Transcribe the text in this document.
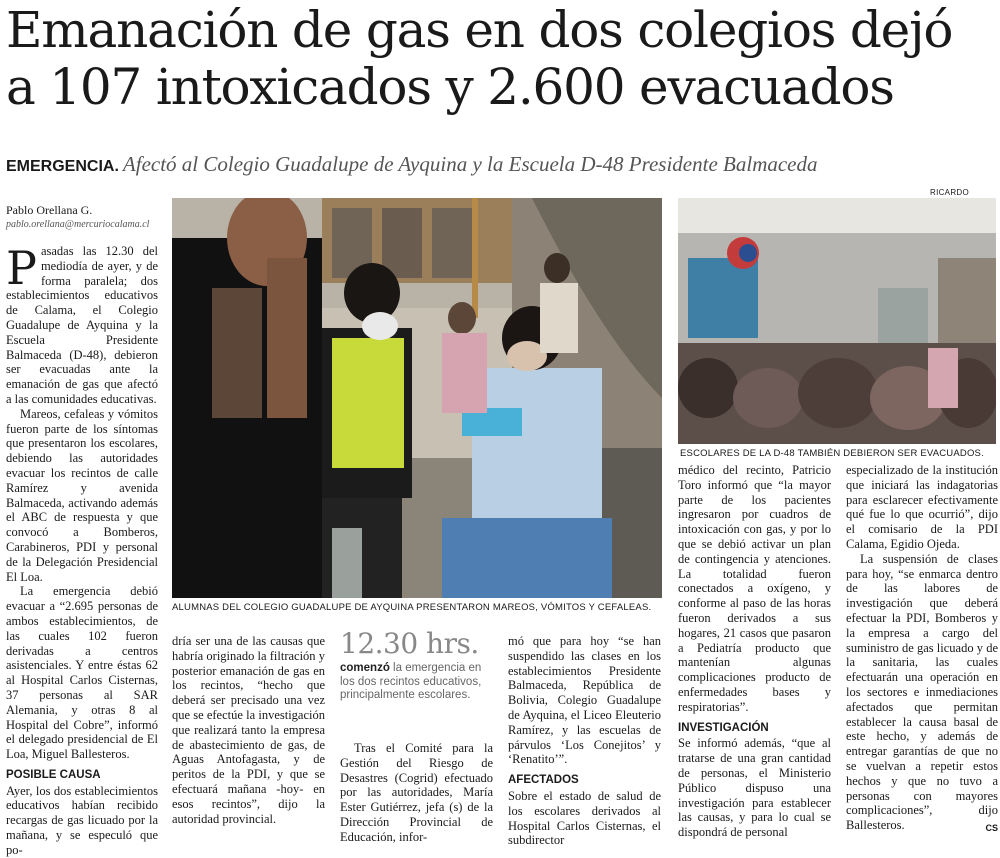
Emanación de gas en dos colegios dejó
a 107 intoxicados y 2.600 evacuados
EMERGENCIA. Afectó al Colegio Guadalupe de Ayquina y la Escuela D-48 Presidente Balmaceda
RICARDO
Pablo Orellana G.
pablo.orellana@mercuriocalama.cl
ALUMNAS DEL COLEGIO GUADALUPE DE AYQUINA PRESENTARON MAREOS, VÓMITOS Y CEFALEAS.
ESCOLARES DE LA D-48 TAMBIÉN DEBIERON SER EVACUADOS.

Pasadas las 12.30 del mediodía de ayer, y de forma paralela; dos establecimientos educativos de Calama, el Colegio Guadalupe de Ayquina y la Escuela Presidente Balmaceda (D-48), debieron ser evacuadas ante la emanación de gas que afectó a las comunidades educativas.

Mareos, cefaleas y vómitos fueron parte de los síntomas que presentaron los escolares, debiendo las autoridades evacuar los recintos de calle Ramírez y avenida Balmaceda, activando además el ABC de respuesta y que convocó a Bomberos, Carabineros, PDI y personal de la Delegación Presidencial El Loa.

La emergencia debió evacuar a “2.695 personas de ambos establecimientos, de las cuales 102 fueron derivadas a centros asistenciales. Y entre éstas 62 al Hospital Carlos Cisternas, 37 personas al SAR Alemania, y otras 8 al Hospital del Cobre”, informó el delegado presidencial de El Loa, Miguel Ballesteros.

POSIBLE CAUSA

Ayer, los dos establecimientos educativos habían recibido recargas de gas licuado por la mañana, y se especuló que po-

dría ser una de las causas que habría originado la filtración y posterior emanación de gas en los recintos, “hecho que deberá ser precisado una vez que se efectúe la investigación que realizará tanto la empresa de abastecimiento de gas, de Aguas Antofagasta, y de peritos de la PDI, y que se efectuará mañana -hoy- en esos recintos”, dijo la autoridad provincial.

12.30 hrs.
comenzó la emergencia en los dos recintos educativos, principalmente escolares.

Tras el Comité para la Gestión del Riesgo de Desastres (Cogrid) efectuado por las autoridades, María Ester Gutiérrez, jefa (s) de la Dirección Provincial de Educación, infor-

mó que para hoy “se han suspendido las clases en los establecimientos Presidente Balmaceda, República de Bolivia, Colegio Guadalupe de Ayquina, el Liceo Eleuterio Ramírez, y las escuelas de párvulos ‘Los Conejitos’ y ‘Renatito’”.

AFECTADOS

Sobre el estado de salud de los escolares derivados al Hospital Carlos Cisternas, el subdirector

médico del recinto, Patricio Toro informó que “la mayor parte de los pacientes ingresaron por cuadros de intoxicación con gas, y por lo que se debió activar un plan de contingencia y atenciones. La totalidad fueron conectados a oxígeno, y conforme al paso de las horas fueron derivados a sus hogares, 21 casos que pasaron a Pediatría producto que mantenían algunas complicaciones producto de enfermedades bases y respiratorias”.

INVESTIGACIÓN

Se informó además, “que al tratarse de una gran cantidad de personas, el Ministerio Público dispuso una investigación para establecer las causas, y para lo cual se dispondrá de personal

especializado de la institución que iniciará las indagatorias para esclarecer efectivamente qué fue lo que ocurrió”, dijo el comisario de la PDI Calama, Egidio Ojeda.

La suspensión de clases para hoy, “se enmarca dentro de las labores de investigación que deberá efectuar la PDI, Bomberos y la empresa a cargo del suministro de gas licuado y de la sanitaria, las cuales efectuarán una operación en los sectores e inmediaciones afectados que permitan establecer la causa basal de este hecho, y además de entregar garantías de que no se vuelvan a repetir estos hechos y que no tuvo a personas con mayores complicaciones”, dijo Ballesteros.	CS
